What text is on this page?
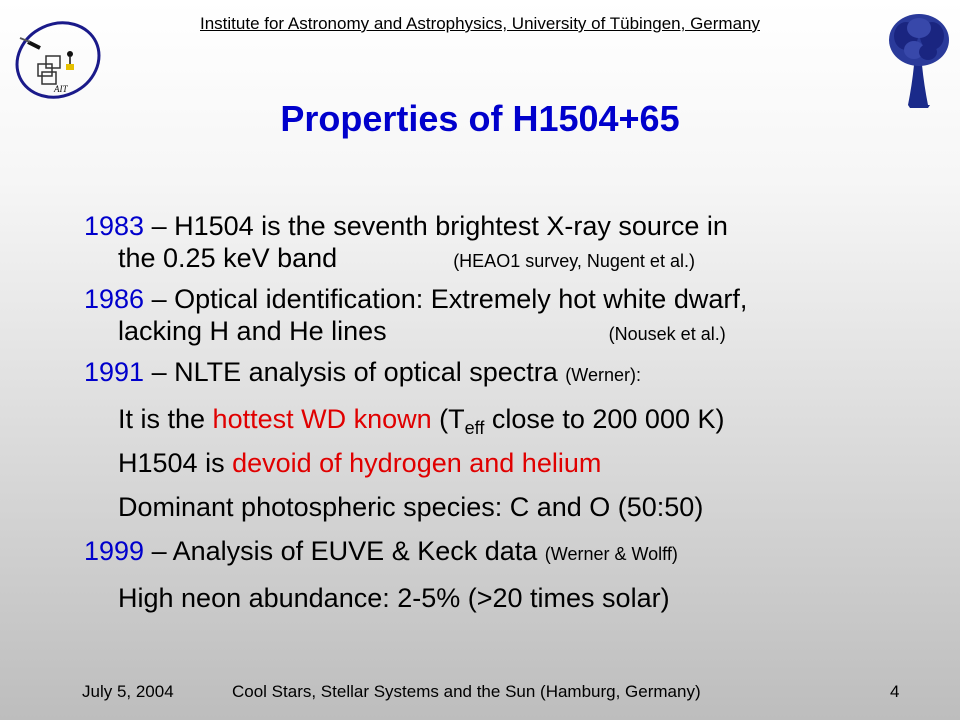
AIT
Institute for Astronomy and Astrophysics, University of Tübingen, Germany
Properties of H1504+65
1983 – H1504 is the seventh brightest X-ray source in
the 0.25 keV band	(HEAO1 survey, Nugent et al.)
1986 – Optical identification: Extremely hot white dwarf,
lacking H and He lines	(Nousek et al.)
1991 – NLTE analysis of optical spectra (Werner):
It is the hottest WD known ($T_{eff}$ close to 200 000 K)
H1504 is devoid of hydrogen and helium
Dominant photospheric species: C and O (50:50)
1999 – Analysis of EUVE & Keck data (Werner & Wolff)
High neon abundance: 2-5% (>20 times solar)
July 5, 2004	Cool Stars, Stellar Systems and the Sun (Hamburg, Germany)	4
